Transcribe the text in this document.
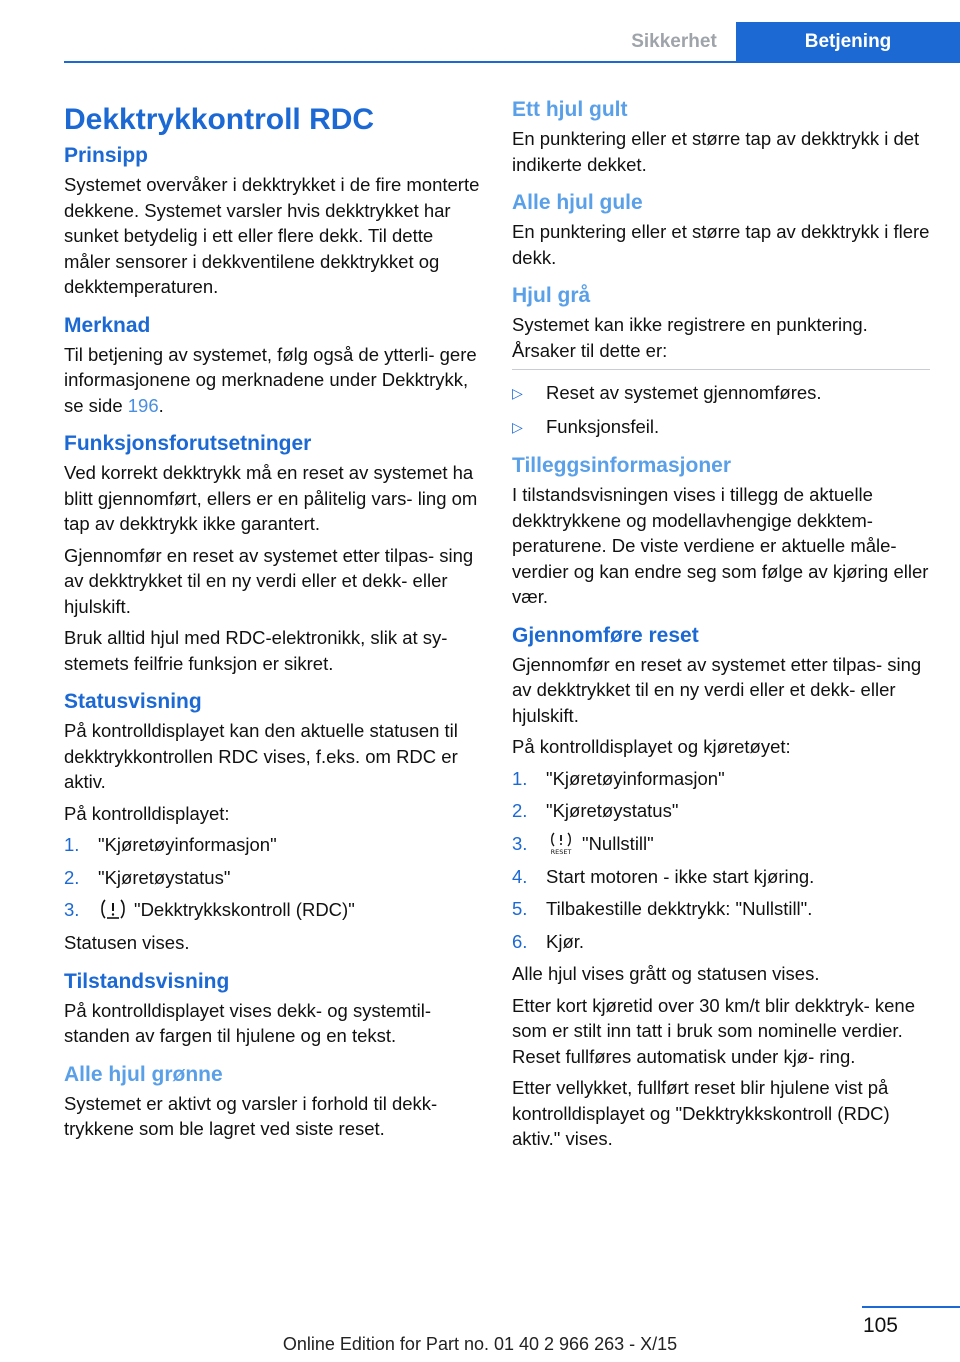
Sikkerhet	Betjening
Dekktrykkontroll RDC
Prinsipp

Systemet overvåker i dekktrykket i de fire monterte dekkene. Systemet varsler hvis dekktrykket har sunket betydelig i ett eller flere dekk. Til dette måler sensorer i dekkventilene dekktrykket og dekktemperaturen.

Merknad

Til betjening av systemet, følg også de ytterli‐ gere informasjonene og merknadene under Dekktrykk, se side 196.

Funksjonsforutsetninger

Ved korrekt dekktrykk må en reset av systemet ha blitt gjennomført, ellers er en pålitelig vars‐ ling om tap av dekktrykk ikke garantert.

Gjennomfør en reset av systemet etter tilpas‐ sing av dekktrykket til en ny verdi eller et dekk- eller hjulskift.

Bruk alltid hjul med RDC-elektronikk, slik at sy‐ stemets feilfrie funksjon er sikret.

Statusvisning

På kontrolldisplayet kan den aktuelle statusen til dekktrykkontrollen RDC vises, f.eks. om RDC er aktiv.

På kontrolldisplayet:

1.	"Kjøretøyinformasjon"
2.	"Kjøretøystatus"
3.	"Dekktrykkskontroll (RDC)"

Statusen vises.

Tilstandsvisning

På kontrolldisplayet vises dekk- og systemtil‐ standen av fargen til hjulene og en tekst.

Alle hjul grønne

Systemet er aktivt og varsler i forhold til dekk‐ trykkene som ble lagret ved siste reset.

Ett hjul gult

En punktering eller et større tap av dekktrykk i det indikerte dekket.

Alle hjul gule

En punktering eller et større tap av dekktrykk i flere dekk.

Hjul grå

Systemet kan ikke registrere en punktering. Årsaker til dette er:

▷	Reset av systemet gjennomføres.
▷	Funksjonsfeil.
Tilleggsinformasjoner

I tilstandsvisningen vises i tillegg de aktuelle dekktrykkene og modellavhengige dekktem‐ peraturene. De viste verdiene er aktuelle måle‐ verdier og kan endre seg som følge av kjøring eller vær.

Gjennomføre reset

Gjennomfør en reset av systemet etter tilpas‐ sing av dekktrykket til en ny verdi eller et dekk- eller hjulskift.

På kontrolldisplayet og kjøretøyet:

1.	"Kjøretøyinformasjon"
2.	"Kjøretøystatus"
3.	RESET "Nullstill"
4.	Start motoren - ikke start kjøring.
5.	Tilbakestille dekktrykk: "Nullstill".
6.	Kjør.

Alle hjul vises grått og statusen vises.

Etter kort kjøretid over 30 km/t blir dekktryk‐ kene som er stilt inn tatt i bruk som nominelle verdier. Reset fullføres automatisk under kjø‐ ring.

Etter vellykket, fullført reset blir hjulene vist på kontrolldisplayet og "Dekktrykkskontroll (RDC) aktiv." vises.

105
Online Edition for Part no. 01 40 2 966 263 - X/15
